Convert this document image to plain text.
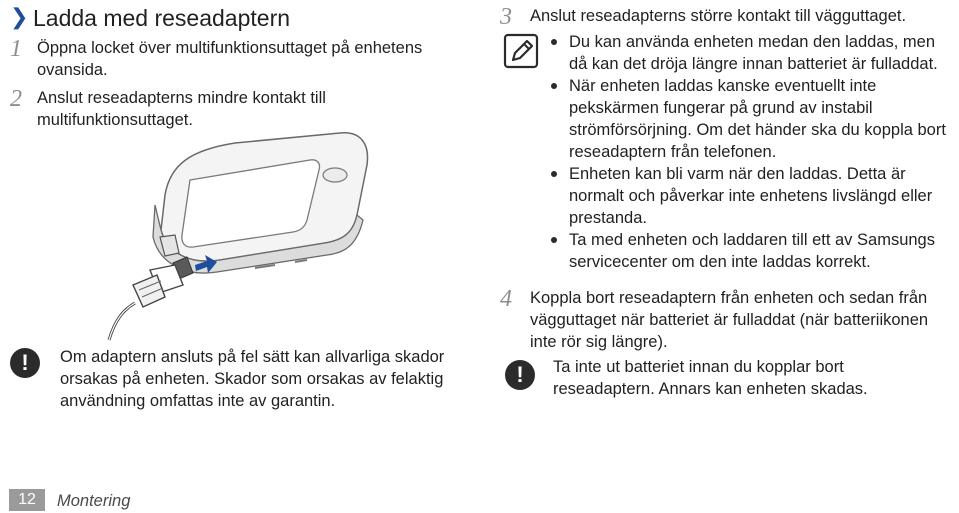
❯ Ladda med reseadaptern
1 Öppna locket över multifunktionsuttaget på enhetens ovansida.
2 Anslut reseadapterns mindre kontakt till multifunktionsuttaget.
!	Om adaptern ansluts på fel sätt kan allvarliga skador orsakas på enheten. Skador som orsakas av felaktig användning omfattas inte av garantin.
3 Anslut reseadapterns större kontakt till vägguttaget.
Du kan använda enheten medan den laddas, men då kan det dröja längre innan batteriet är fulladdat.
När enheten laddas kanske eventuellt inte pekskärmen fungerar på grund av instabil strömförsörjning. Om det händer ska du koppla bort reseadaptern från telefonen.
Enheten kan bli varm när den laddas. Detta är normalt och påverkar inte enhetens livslängd eller prestanda.
Ta med enheten och laddaren till ett av Samsungs servicecenter om den inte laddas korrekt.
4 Koppla bort reseadaptern från enheten och sedan från vägguttaget när batteriet är fulladdat (när batteriikonen inte rör sig längre).
!	Ta inte ut batteriet innan du kopplar bort reseadaptern. Annars kan enheten skadas.
12	Montering
